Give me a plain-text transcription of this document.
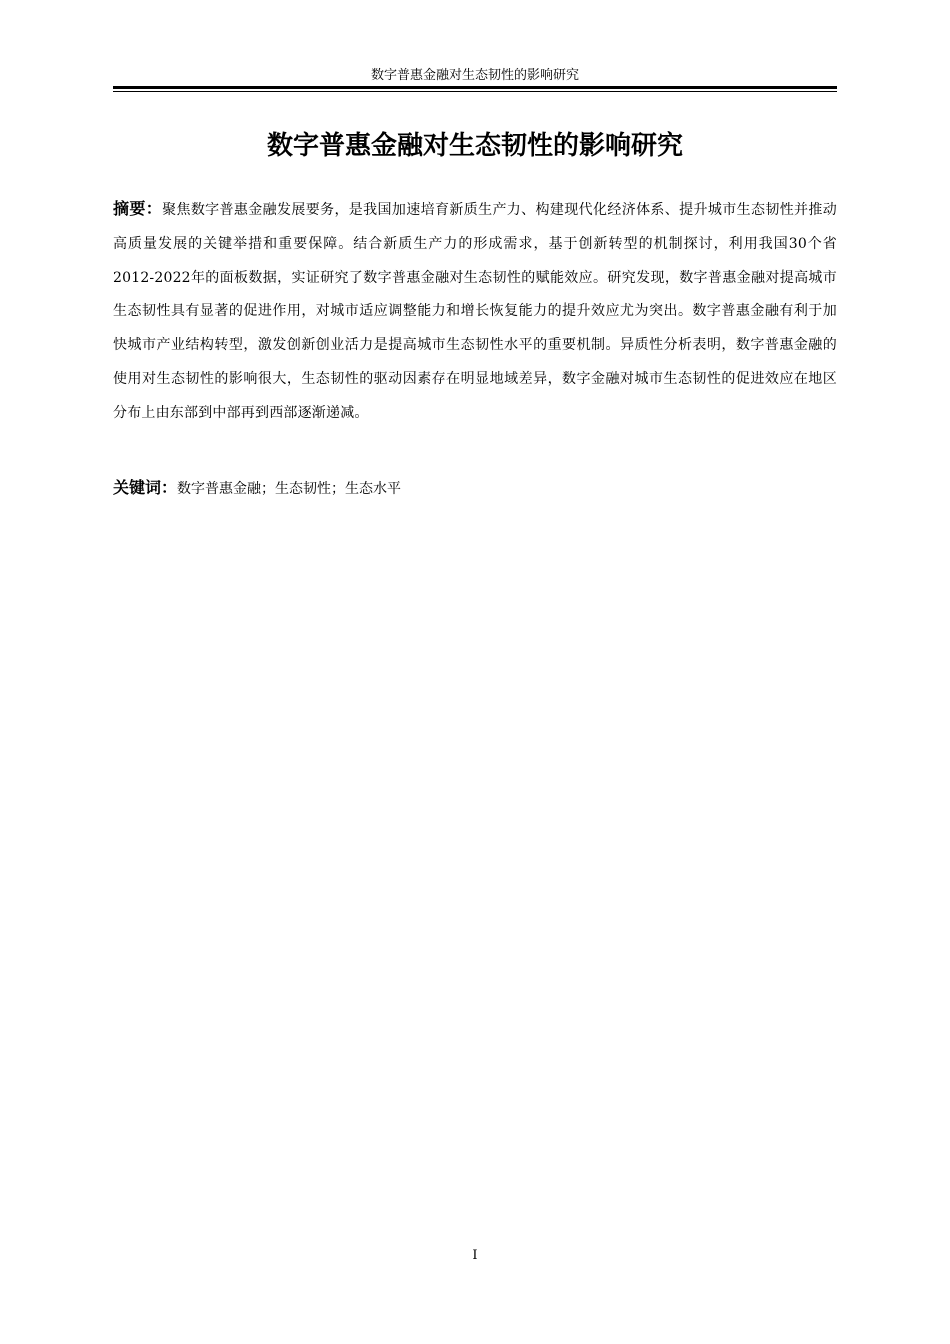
数字普惠金融对生态韧性的影响研究
数字普惠金融对生态韧性的影响研究

摘要：聚焦数字普惠金融发展要务，是我国加速培育新质生产力、构建现代化经济体系、提升城市生态韧性并推动高质量发展的关键举措和重要保障。结合新质生产力的形成需求，基于创新转型的机制探讨，利用我国30个省2012-2022年的面板数据，实证研究了数字普惠金融对生态韧性的赋能效应。研究发现，数字普惠金融对提高城市生态韧性具有显著的促进作用，对城市适应调整能力和增长恢复能力的提升效应尤为突出。数字普惠金融有利于加快城市产业结构转型，激发创新创业活力是提高城市生态韧性水平的重要机制。异质性分析表明，数字普惠金融的使用对生态韧性的影响很大，生态韧性的驱动因素存在明显地域差异，数字金融对城市生态韧性的促进效应在地区分布上由东部到中部再到西部逐渐递减。

关键词：数字普惠金融；生态韧性；生态水平

I
